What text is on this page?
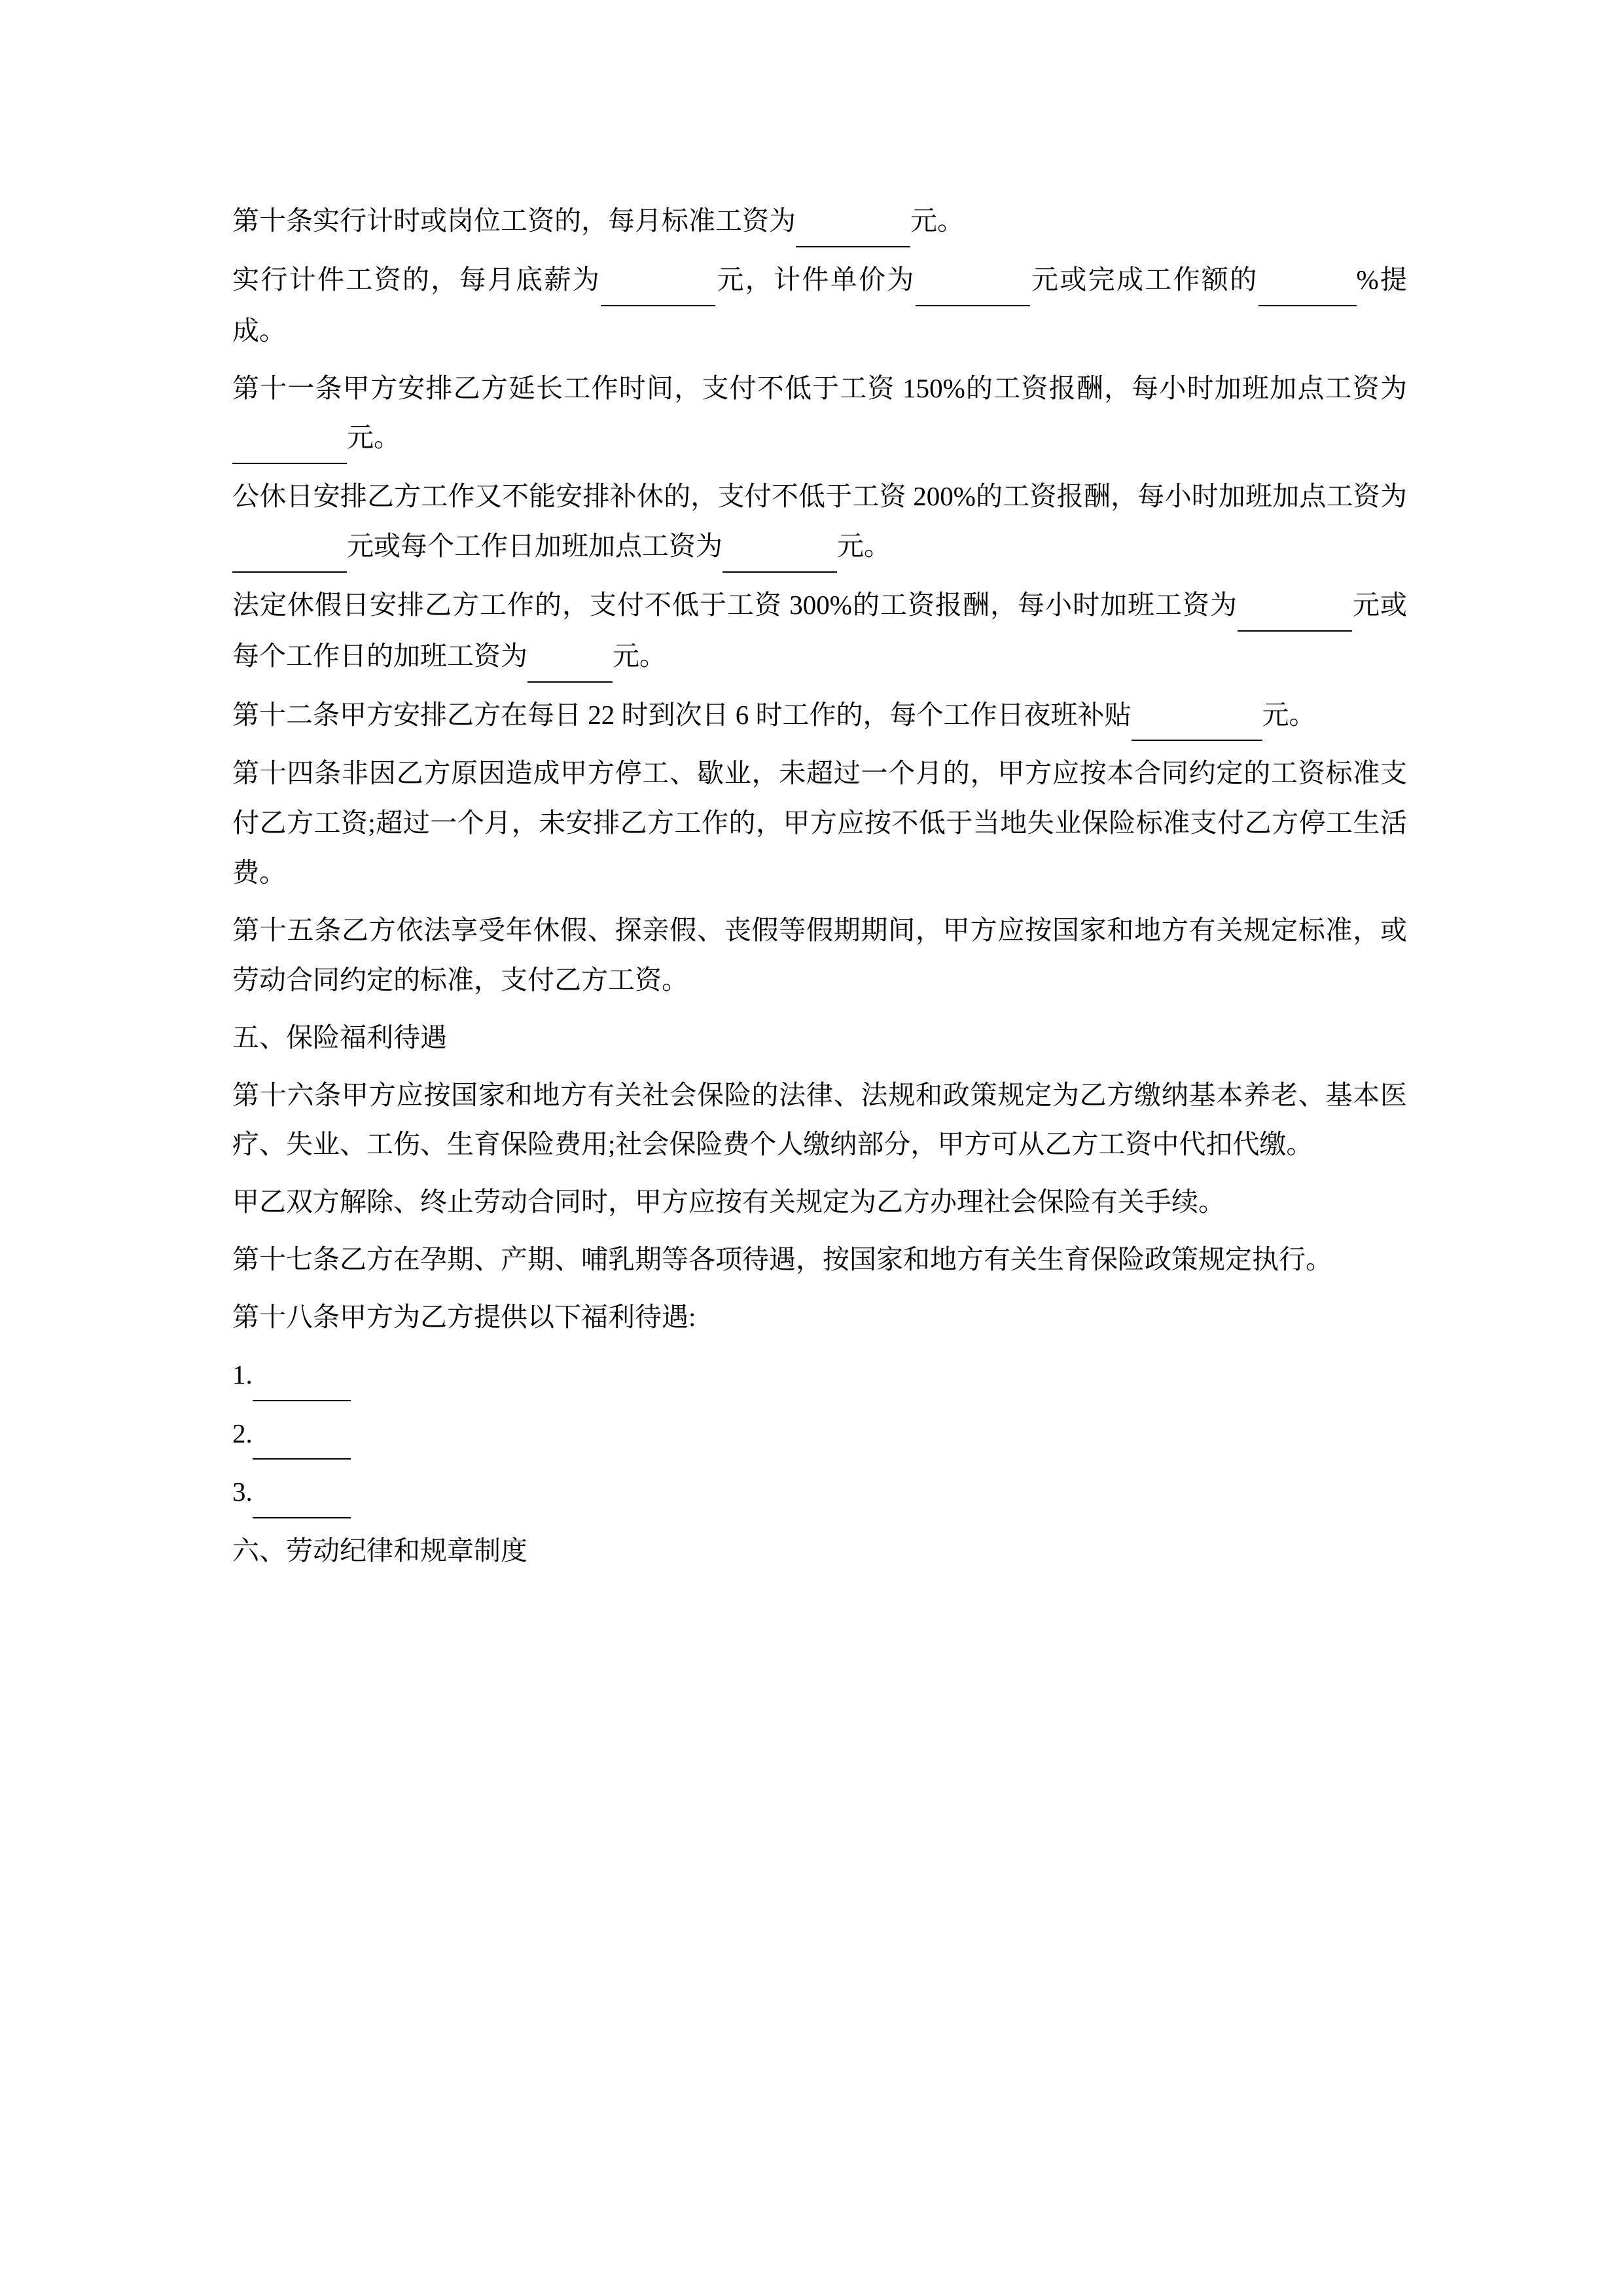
第十条实行计时或岗位工资的，每月标准工资为	元。

实行计件工资的，每月底薪为	元，计件单价为	元或完成工作额的	%提成。

第十一条甲方安排乙方延长工作时间，支付不低于工资 150%的工资报酬，每小时加班加点工资为 元。

公休日安排乙方工作又不能安排补休的，支付不低于工资 200%的工资报酬，每小时加班加点工资为 元或每个工作日加班加点工资为	元。

法定休假日安排乙方工作的，支付不低于工资 300%的工资报酬，每小时加班工资为	元或每个工作日的加班工资为	元。

第十二条甲方安排乙方在每日 22 时到次日 6 时工作的，每个工作日夜班补贴	元。

第十四条非因乙方原因造成甲方停工、歇业，未超过一个月的，甲方应按本合同约定的工资标准支付乙方工资;超过一个月，未安排乙方工作的，甲方应按不低于当地失业保险标准支付乙方停工生活费。

第十五条乙方依法享受年休假、探亲假、丧假等假期期间，甲方应按国家和地方有关规定标准，或劳动合同约定的标准，支付乙方工资。

五、保险福利待遇

第十六条甲方应按国家和地方有关社会保险的法律、法规和政策规定为乙方缴纳基本养老、基本医疗、失业、工伤、生育保险费用;社会保险费个人缴纳部分，甲方可从乙方工资中代扣代缴。

甲乙双方解除、终止劳动合同时，甲方应按有关规定为乙方办理社会保险有关手续。

第十七条乙方在孕期、产期、哺乳期等各项待遇，按国家和地方有关生育保险政策规定执行。

第十八条甲方为乙方提供以下福利待遇:

1.

2.

3.

六、劳动纪律和规章制度
